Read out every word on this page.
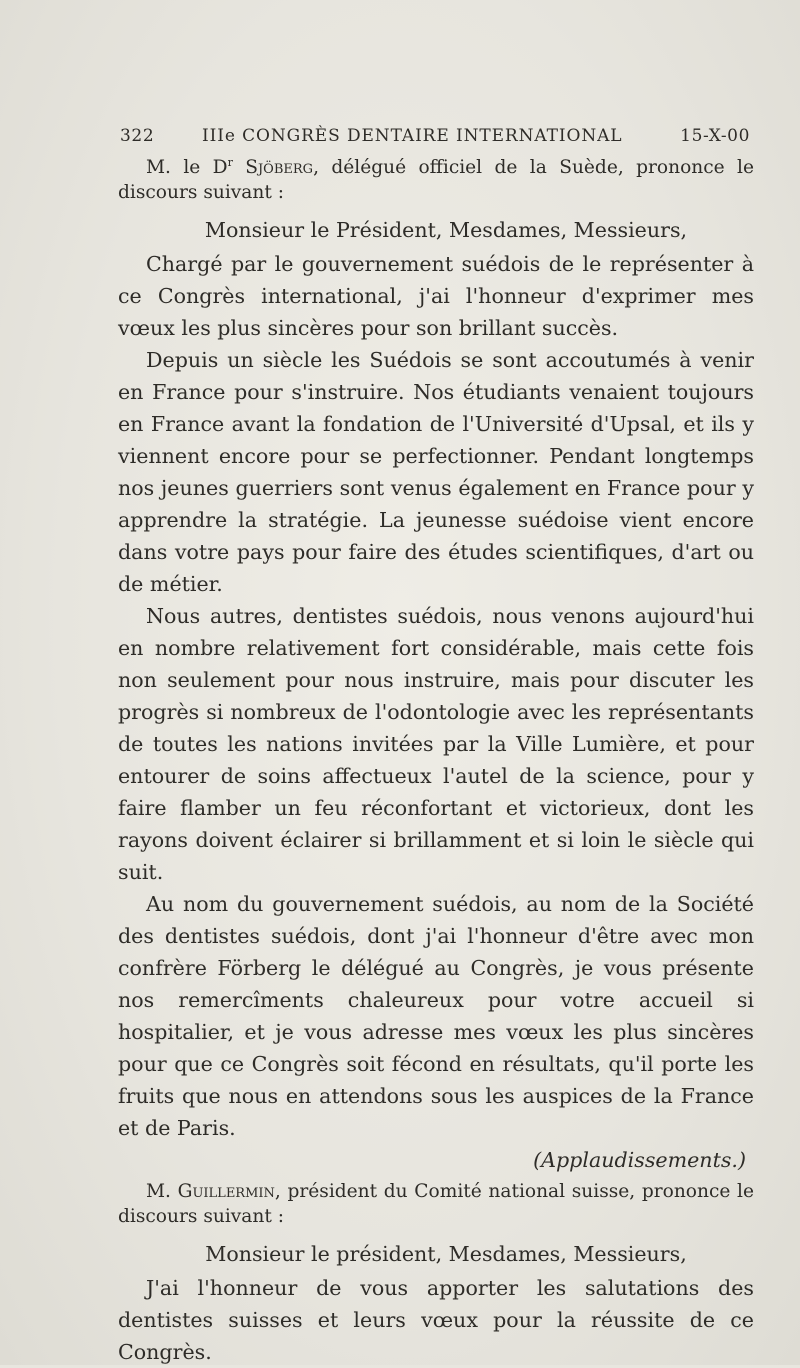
322	IIIe CONGRÈS DENTAIRE INTERNATIONAL	15-X-00

M. le $D^r$ Sjöberg, délégué officiel de la Suède, prononce le discours suivant :

Monsieur le Président, Mesdames, Messieurs,

Chargé par le gouvernement suédois de le représenter à ce Congrès international, j'ai l'honneur d'exprimer mes vœux les plus sincères pour son brillant succès.

Depuis un siècle les Suédois se sont accoutumés à venir en France pour s'instruire. Nos étudiants venaient toujours en France avant la fondation de l'Université d'Upsal, et ils y viennent encore pour se perfectionner. Pendant longtemps nos jeunes guerriers sont venus également en France pour y apprendre la stratégie. La jeunesse suédoise vient encore dans votre pays pour faire des études scientifiques, d'art ou de métier.

Nous autres, dentistes suédois, nous venons aujourd'hui en nombre relativement fort considérable, mais cette fois non seulement pour nous instruire, mais pour discuter les progrès si nombreux de l'odontologie avec les représentants de toutes les nations invitées par la Ville Lumière, et pour entourer de soins affectueux l'autel de la science, pour y faire flamber un feu réconfortant et victorieux, dont les rayons doivent éclairer si brillamment et si loin le siècle qui suit.

Au nom du gouvernement suédois, au nom de la Société des dentistes suédois, dont j'ai l'honneur d'être avec mon confrère Förberg le délégué au Congrès, je vous présente nos remercîments chaleureux pour votre accueil si hospitalier, et je vous adresse mes vœux les plus sincères pour que ce Congrès soit fécond en résultats, qu'il porte les fruits que nous en attendons sous les auspices de la France et de Paris.

(Applaudissements.)

M. Guillermin, président du Comité national suisse, prononce le discours suivant :

Monsieur le président, Mesdames, Messieurs,

J'ai l'honneur de vous apporter les salutations des dentistes suisses et leurs vœux pour la réussite de ce Congrès.
